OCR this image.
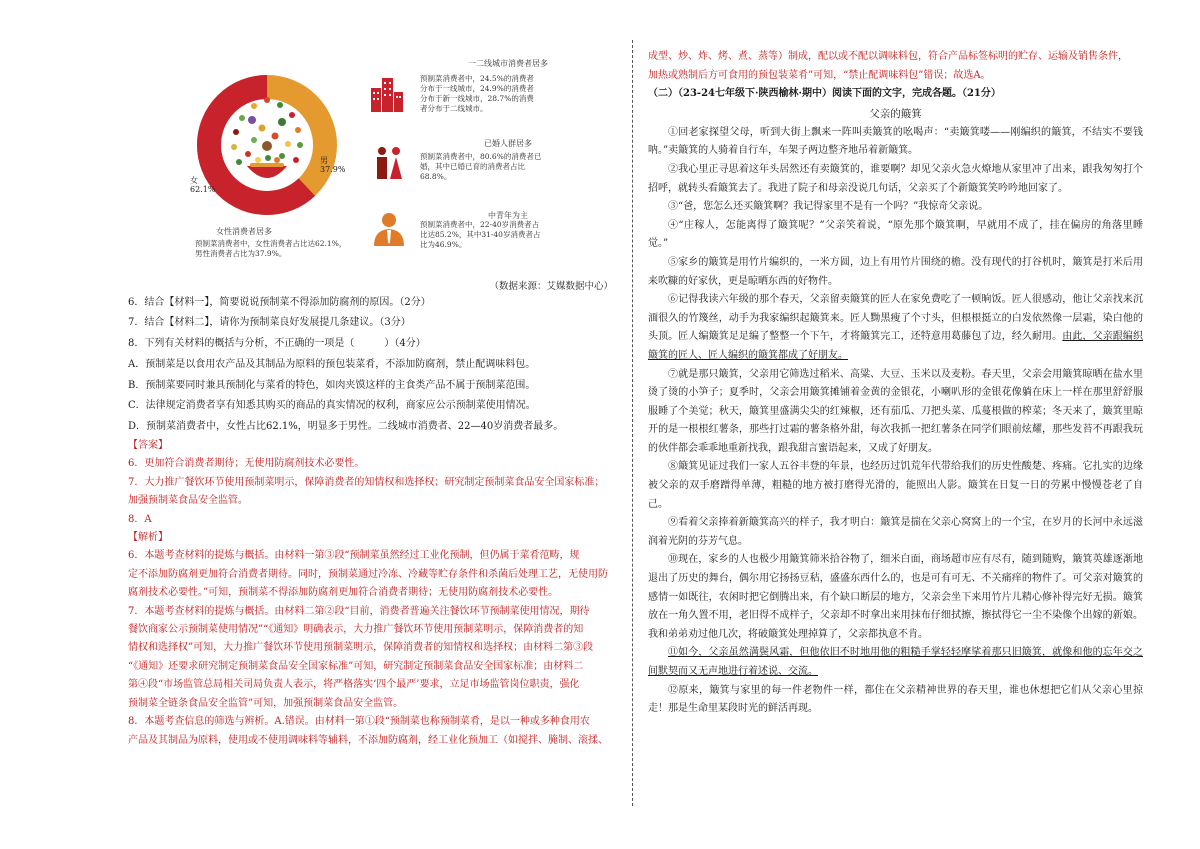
男
37.9%
女
62.1%
女性消费者居多
预制菜消费者中，女性消费者占比达62.1%，男性消费者占比为37.9%。
一二线城市消费者居多
预制菜消费者中，24.5%的消费者分布于一线城市，24.9%的消费者分布于新一线城市，28.7%的消费者分布于二线城市。
已婚人群居多
预制菜消费者中，80.6%的消费者已婚，其中已婚已育的消费者占比68.8%。
中青年为主
预制菜消费者中，22-40岁消费者占比达85.2%，其中31-40岁消费者占比为46.9%。
（数据来源：艾媒数据中心）
6．结合【材料一】，简要说说预制菜不得添加防腐剂的原因。（2分）
7．结合【材料二】，请你为预制菜良好发展提几条建议。（3分）
8．下列有关材料的概括与分析，不正确的一项是（　　　）（4分）
A．预制菜是以食用农产品及其制品为原料的预包装菜肴，不添加防腐剂，禁止配调味料包。
B．预制菜要同时兼具预制化与菜肴的特色，如肉夹馍这样的主食类产品不属于预制菜范围。
C．法律规定消费者享有知悉其购买的商品的真实情况的权利，商家应公示预制菜使用情况。
D．预制菜消费者中，女性占比62.1%，明显多于男性。二线城市消费者、22—40岁消费者最多。

【答案】

6．更加符合消费者期待；无使用防腐剂技术必要性。

7．大力推广餐饮环节使用预制菜明示，保障消费者的知情权和选择权；研究制定预制菜食品安全国家标准；

加强预制菜食品安全监管。

8．A

【解析】

6．本题考查材料的提炼与概括。由材料一第③段“预制菜虽然经过工业化预制，但仍属于菜肴范畴，规

定不添加防腐剂更加符合消费者期待。同时，预制菜通过冷冻、冷藏等贮存条件和杀菌后处理工艺，无使用防

腐剂技术必要性。”可知，预制菜不得添加防腐剂更加符合消费者期待；无使用防腐剂技术必要性。

7．本题考查材料的提炼与概括。由材料二第②段“目前，消费者普遍关注餐饮环节预制菜使用情况，期待

餐饮商家公示预制菜使用情况”“《通知》明确表示，大力推广餐饮环节使用预制菜明示，保障消费者的知

情权和选择权”可知，大力推广餐饮环节使用预制菜明示，保障消费者的知情权和选择权；由材料二第③段

“《通知》还要求研究制定预制菜食品安全国家标准”可知，研究制定预制菜食品安全国家标准；由材料二

第④段“市场监管总局相关司局负责人表示，将严格落实‘四个最严’要求，立足市场监管岗位职责，强化

预制菜全链条食品安全监管”可知，加强预制菜食品安全监管。

8．本题考查信息的筛选与辨析。A.错误。由材料一第①段“预制菜也称预制菜肴，是以一种或多种食用农

产品及其制品为原料，使用或不使用调味料等辅料，不添加防腐剂，经工业化预加工（如搅拌、腌制、滚揉、

成型、炒、炸、烤、煮、蒸等）制成，配以或不配以调味料包，符合产品标签标明的贮存、运输及销售条件，

加热或熟制后方可食用的预包装菜肴”可知，“禁止配调味料包”错误；故选A。

（二）（23-24七年级下·陕西榆林·期中）阅读下面的文字，完成各题。（21分）

父亲的簸箕

①回老家探望父母，听到大街上飘来一阵叫卖簸箕的吆喝声：“卖簸箕喽——刚编织的簸箕，不结实不要钱呐。”卖簸箕的人骑着自行车，车架子两边整齐地吊着新簸箕。

②我心里正寻思着这年头居然还有卖簸箕的，谁要啊？却见父亲火急火燎地从家里冲了出来，跟我匆匆打个招呼，就转头看簸箕去了。我进了院子和母亲没说几句话，父亲买了个新簸箕笑吟吟地回家了。

③“爸，您怎么还买簸箕啊？我记得家里不是有一个吗？”我惊奇父亲说。

④“庄稼人，怎能离得了簸箕呢？”父亲笑着说，“原先那个簸箕啊，早就用不成了，挂在偏房的角落里睡觉。”

⑤家乡的簸箕是用竹片编织的，一米方圆，边上有用竹片围绕的檐。没有现代的打谷机时，簸箕是打米后用来吹糠的好家伙，更是晾晒东西的好物件。

⑥记得我读六年级的那个春天，父亲留卖簸箕的匠人在家免费吃了一顿晌饭。匠人很感动，他让父亲找来沉湎很久的竹篾丝，动手为我家编织起簸箕来。匠人黝黑瘦了个寸头，但根根挺立的白发依然像一层霜，染白他的头顶。匠人编簸箕足足编了整整一个下午，才将簸箕完工，还特意用葛藤包了边，经久耐用。由此，父亲跟编织簸箕的匠人、匠人编织的簸箕都成了好朋友。

⑦就是那只簸箕，父亲用它筛选过稻米、高粱、大豆、玉米以及麦粉。春天里，父亲会用簸箕晾晒在盐水里烫了烫的小笋子；夏季时，父亲会用簸箕摊铺着金黄的金银花，小喇叭形的金银花像躺在床上一样在那里舒舒服服睡了个美觉；秋天，簸箕里盛满尖尖的红辣椒，还有茄瓜、刀把头菜、瓜蔓根做的榨菜；冬天来了，簸箕里晾开的是一根根红薯条，那些打过霜的薯条格外甜，每次我抓一把红薯条在同学们眼前炫耀，那些发苔不再跟我玩的伙伴都会乖乖地重新找我，跟我甜言蜜语起来，又成了好朋友。

⑧簸箕见证过我们一家人五谷丰登的年景，也经历过饥荒年代带给我们的历史性酸楚、疼痛。它扎实的边缘被父亲的双手磨蹭得单薄，粗糙的地方被打磨得光滑的，能照出人影。簸箕在日复一日的劳累中慢慢苍老了自己。

⑨看着父亲捧着新簸箕高兴的样子，我才明白：簸箕是揣在父亲心窝窝上的一个宝，在岁月的长河中永远滋润着光阴的芬芳气息。

⑩现在，家乡的人也极少用簸箕筛米拾谷物了，细米白面，商场超市应有尽有，随到随购，簸箕英雄逐渐地退出了历史的舞台，偶尔用它扬扬豆秸，盛盛东西什么的，也是可有可无、不关痛痒的物件了。可父亲对簸箕的感情一如既往，农闲时把它倒腾出来，有个缺口断层的地方，父亲会坐下来用竹片儿精心修补得完好无损。簸箕放在一角久置不用，老旧得不成样子，父亲却不时拿出来用抹布仔细拭擦，擦拭得它一尘不染像个出嫁的新娘。我和弟弟劝过他几次，将破簸箕处理掉算了，父亲都执意不肯。

⑪如今，父亲虽然满鬓风霜，但他依旧不时地用他的粗糙手掌轻轻摩挲着那只旧簸箕，就像和他的忘年交之间默契而又无声地进行着述说、交流。

⑫原来，簸箕与家里的每一件老物件一样，都住在父亲精神世界的春天里，谁也休想把它们从父亲心里掠走！那是生命里某段时光的鲜活再现。
